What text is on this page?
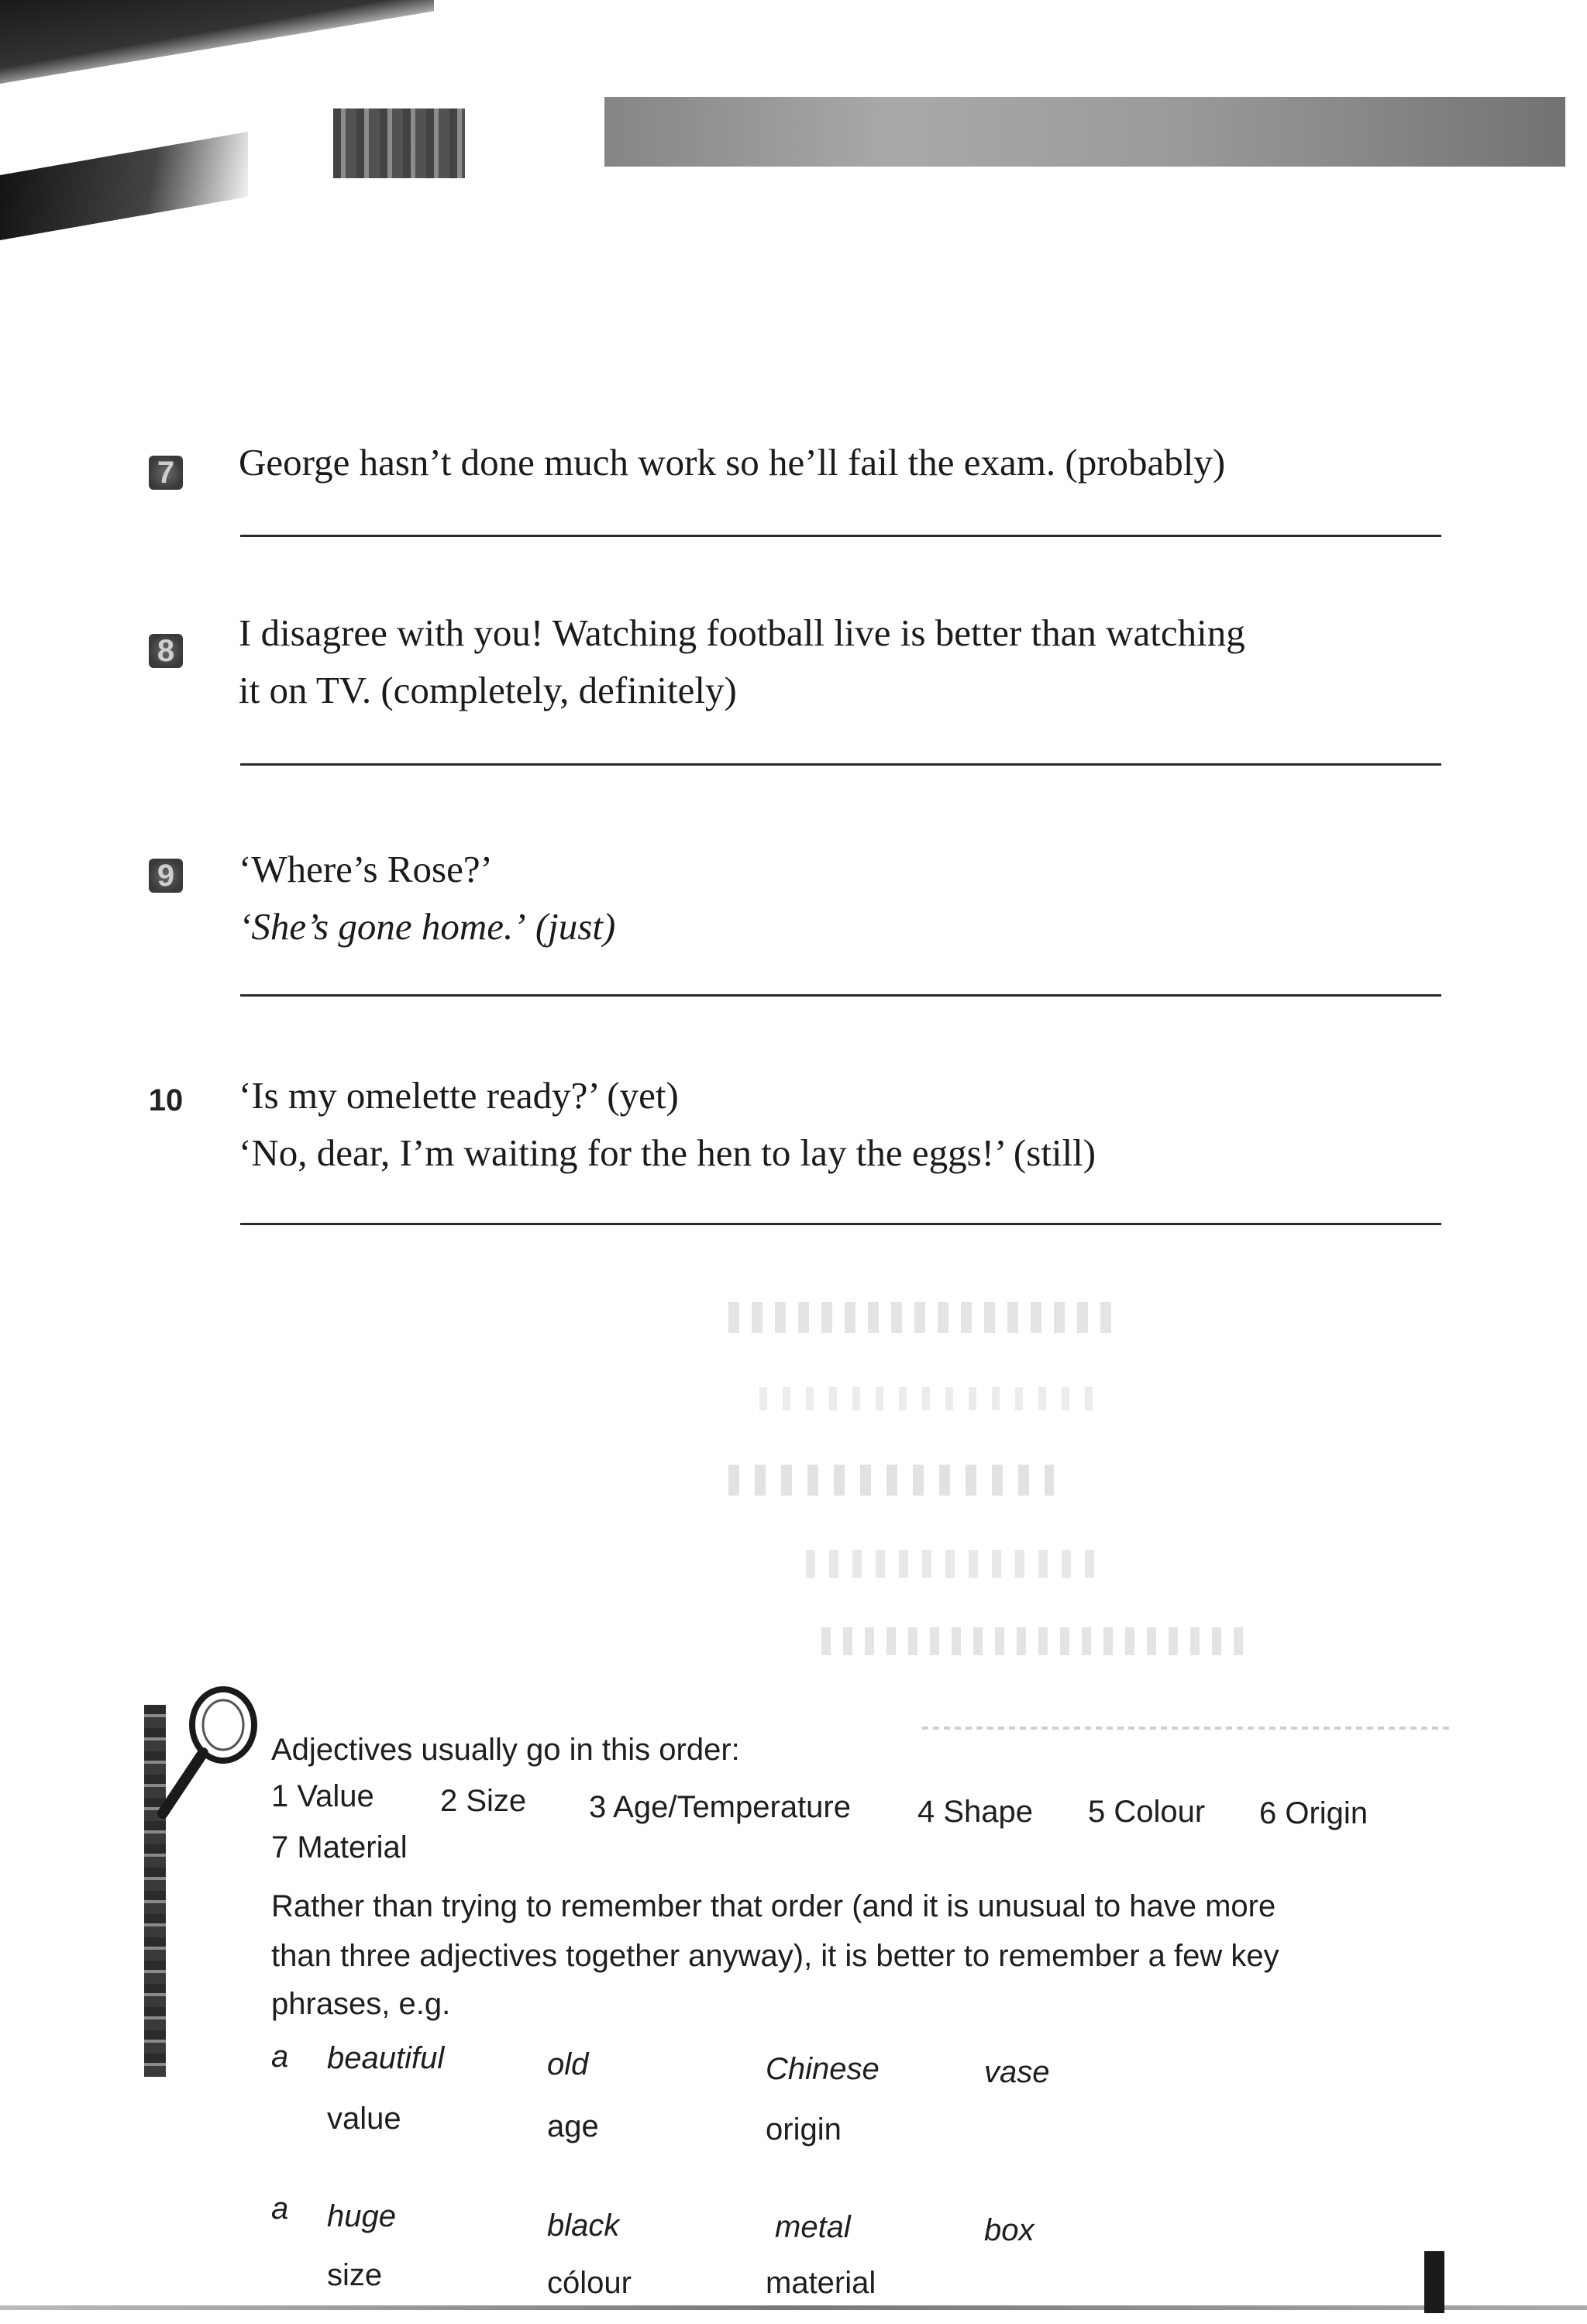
7 George hasn’t done much work so he’ll fail the exam. (probably)
8 I disagree with you! Watching football live is better than watching
it on TV. (completely, definitely)
9 ‘Where’s Rose?’
‘She’s gone home.’ (just)
10 ‘Is my omelette ready?’ (yet)
‘No, dear, I’m waiting for the hen to lay the eggs!’ (still)
Adjectives usually go in this order:
1 Value 2 Size 3 Age/Temperature 4 Shape 5 Colour 6 Origin
7 Material
Rather than trying to remember that order (and it is unusual to have more
than three adjectives together anyway), it is better to remember a few key
phrases, e.g.
a beautiful	old	Chinese	vase
value	age	origin
a huge	black	metal	box
size	cólour	material
